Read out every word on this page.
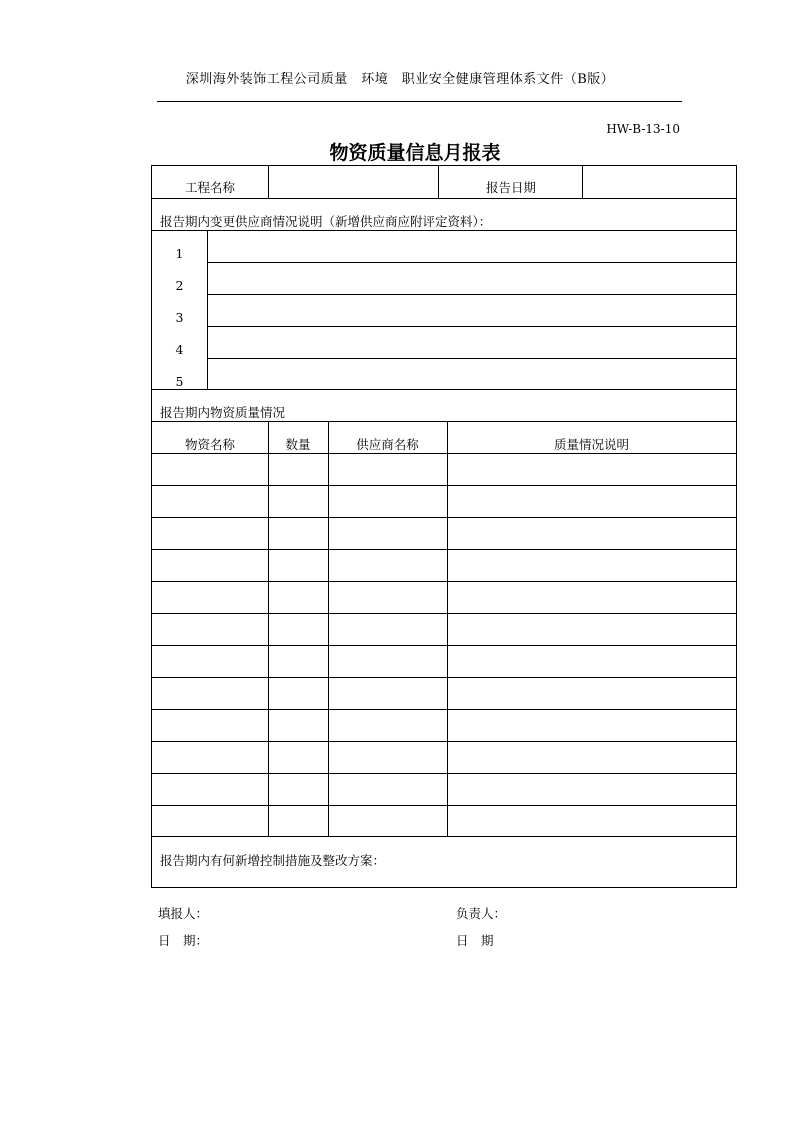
深圳海外装饰工程公司质量　环境　职业安全健康管理体系文件（B版）
HW-B-13-10
物资质量信息月报表
工程名称	报告日期
报告期内变更供应商情况说明（新增供应商应附评定资料）：
1
2
3
4
5
报告期内物资质量情况
物资名称	数量	供应商名称	质量情况说明
报告期内有何新增控制措施及整改方案：
填报人：
日　期：
负责人：
日　期
